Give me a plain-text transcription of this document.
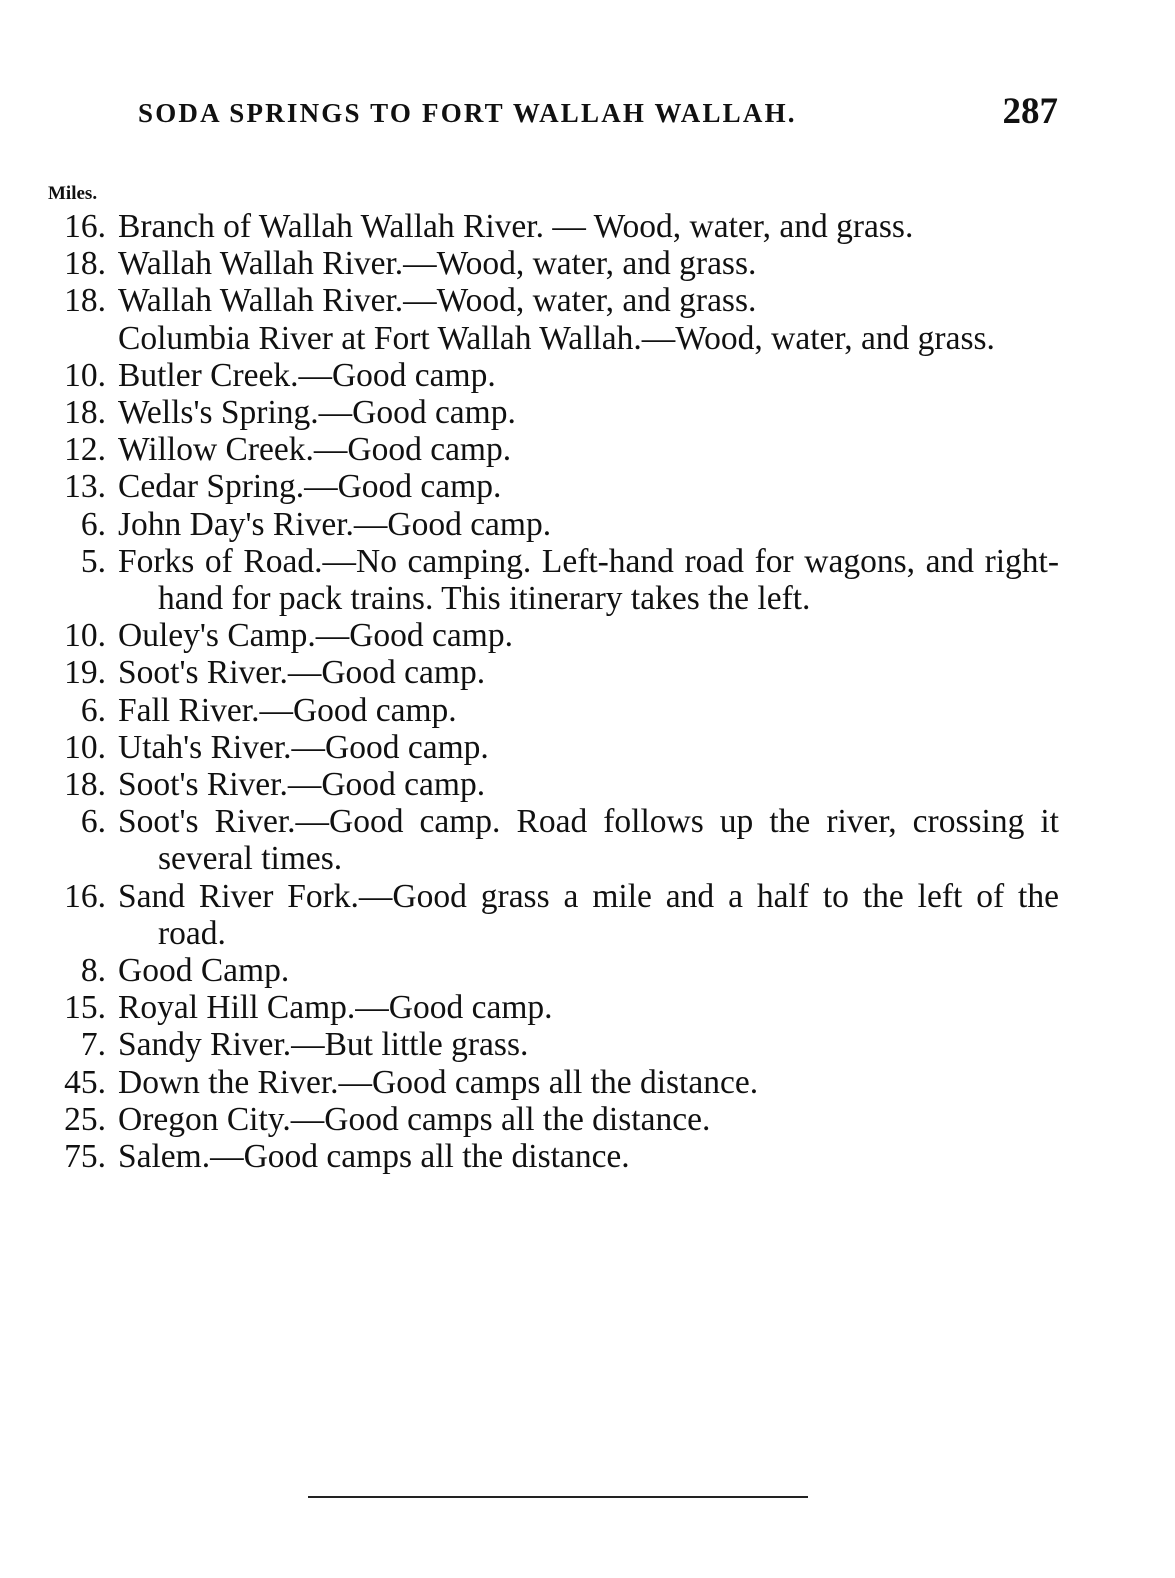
SODA SPRINGS TO FORT WALLAH WALLAH.	287
Miles.
16. Branch of Wallah Wallah River. — Wood, water, and grass.
18. Wallah Wallah River.—Wood, water, and grass.
18. Wallah Wallah River.—Wood, water, and grass.
Columbia River at Fort Wallah Wallah.—Wood, water, and grass.
10. Butler Creek.—Good camp.
18. Wells's Spring.—Good camp.
12. Willow Creek.—Good camp.
13. Cedar Spring.—Good camp.
6. John Day's River.—Good camp.
5. Forks of Road.—No camping. Left-hand road for wagons, and right-hand for pack trains. This itinerary takes the left.
10. Ouley's Camp.—Good camp.
19. Soot's River.—Good camp.
6. Fall River.—Good camp.
10. Utah's River.—Good camp.
18. Soot's River.—Good camp.
6. Soot's River.—Good camp. Road follows up the river, crossing it several times.
16. Sand River Fork.—Good grass a mile and a half to the left of the road.
8. Good Camp.
15. Royal Hill Camp.—Good camp.
7. Sandy River.—But little grass.
45. Down the River.—Good camps all the distance.
25. Oregon City.—Good camps all the distance.
75. Salem.—Good camps all the distance.
